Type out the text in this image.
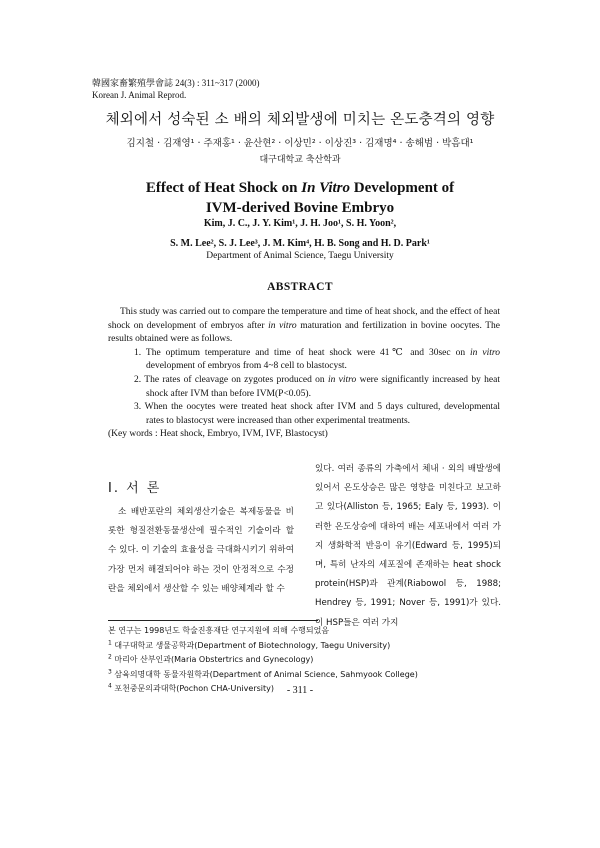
韓國家畜繁殖學會誌 24(3) : 311~317 (2000)
Korean J. Animal Reprod.
체외에서 성숙된 소 배의 체외발생에 미치는 온도충격의 영향
김지철 · 김재영¹ · 주재홍¹ · 윤산현² · 이상민² · 이상진³ · 김재명⁴ · 송해범 · 박흠대¹
대구대학교 축산학과
Effect of Heat Shock on In Vitro Development of
IVM-derived Bovine Embryo
Kim, J. C., J. Y. Kim¹, J. H. Joo¹, S. H. Yoon²,
S. M. Lee², S. J. Lee³, J. M. Kim⁴, H. B. Song and H. D. Park¹
Department of Animal Science, Taegu University
ABSTRACT

This study was carried out to compare the temperature and time of heat shock, and the effect of heat shock on development of embryos after in vitro maturation and fertilization in bovine oocytes. The results obtained were as follows.

1. The optimum temperature and time of heat shock were 41℃ and 30sec on in vitro development of embryos from 4~8 cell to blastocyst.
2. The rates of cleavage on zygotes produced on in vitro were significantly increased by heat shock after IVM than before IVM(P<0.05).
3. When the oocytes were treated heat shock after IVM and 5 days cultured, developmental rates to blastocyst were increased than other experimental treatments.

(Key words : Heat shock, Embryo, IVM, IVF, Blastocyst)

Ⅰ. 서 론

소 배반포란의 체외생산기술은 복제동물을 비롯한 형질전환동물생산에 필수적인 기술이라 할 수 있다. 이 기술의 효율성을 극대화시키기 위하여 가장 먼저 해결되어야 하는 것이 안정적으로 수정란을 체외에서 생산할 수 있는 배양체계라 할 수

있다. 여러 종류의 가축에서 체내 · 외의 배발생에 있어서 온도상승은 많은 영향을 미친다고 보고하고 있다(Alliston 등, 1965; Ealy 등, 1993). 이러한 온도상승에 대하여 배는 세포내에서 여러 가지 생화학적 반응이 유기(Edward 등, 1995)되며, 특히 난자의 세포질에 존재하는 heat shock protein(HSP)과 관계(Riabowol 등, 1988; Hendrey 등, 1991; Nover 등, 1991)가 있다. 이 HSP들은 여러 가지

본 연구는 1998년도 학술진흥재단 연구지원에 의해 수행되었음
$^1$ 대구대학교 생물공학과(Department of Biotechnology, Taegu University)
$^2$ 마리아 산부인과(Maria Obstertrics and Gynecology)
$^3$ 삼육의명대학 동물자원학과(Department of Animal Science, Sahmyook College)
$^4$ 포천중문의과대학(Pochon CHA-University)	- 311 -
